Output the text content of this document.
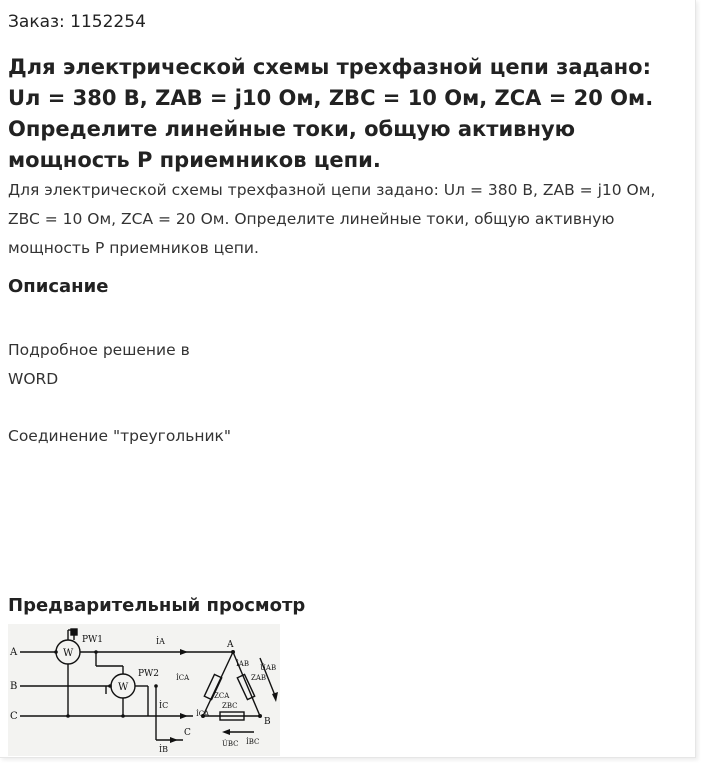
Заказ: 1152254
Для электрической схемы трехфазной цепи задано: Uл = 380 В, ZAB = j10 Ом, ZBC = 10 Ом, ZCA = 20 Ом. Определите линейные токи, общую активную мощность P приемников цепи.

Для электрической схемы трехфазной цепи задано: Uл = 380 В, ZAB = j10 Ом, ZBC = 10 Ом, ZCA = 20 Ом. Определите линейные токи, общую активную мощность P приемников цепи.

Описание

Подробное решение в
WORD

Соединение "треугольник"

Предварительный просмотр
A
B
C
PW1
PW2
W
W
A
C
B
İA
İC
İB
İAB
İCA
İCA
İBC
ZAB
ZCA
ZBC
U̇AB
U̇BC
